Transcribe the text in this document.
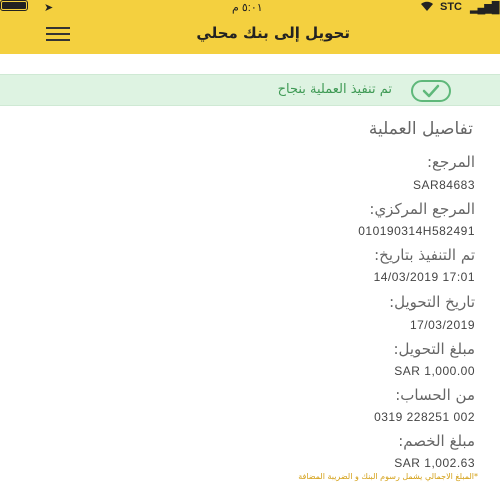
➤	٥:٠١ م	STC ▂▄▆█
تحويل إلى بنك محلي
تم تنفيذ العملية بنجاح
تفاصيل العملية
المرجع:
SAR84683
المرجع المركزي:
010190314H582491
تم التنفيذ بتاريخ:
14/03/2019 17:01
تاريخ التحويل:
17/03/2019
مبلغ التحويل:
SAR 1,000.00
من الحساب:
0319 228251 002
مبلغ الخصم:
SAR 1,002.63
*المبلغ الاجمالي يشمل رسوم البنك و الضريبة المضافة
